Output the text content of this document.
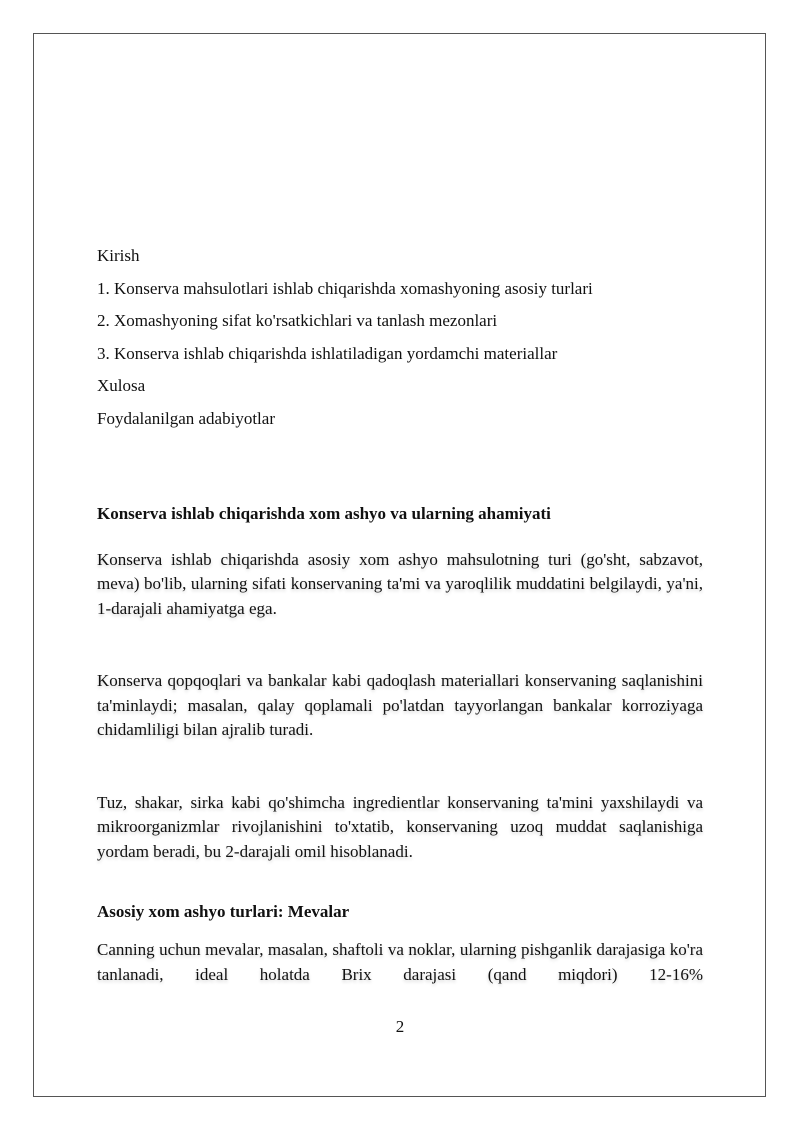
Kirish
1. Konserva mahsulotlari ishlab chiqarishda xomashyoning asosiy turlari
2. Xomashyoning sifat ko'rsatkichlari va tanlash mezonlari
3. Konserva ishlab chiqarishda ishlatiladigan yordamchi materiallar
Xulosa
Foydalanilgan adabiyotlar
Konserva ishlab chiqarishda xom ashyo va ularning ahamiyati

Konserva ishlab chiqarishda asosiy xom ashyo mahsulotning turi (go'sht, sabzavot, meva) bo'lib, ularning sifati konservaning ta'mi va yaroqlilik muddatini belgilaydi, ya'ni, 1-darajali ahamiyatga ega.

Konserva qopqoqlari va bankalar kabi qadoqlash materiallari konservaning saqlanishini ta'minlaydi; masalan, qalay qoplamali po'latdan tayyorlangan bankalar korroziyaga chidamliligi bilan ajralib turadi.

Tuz, shakar, sirka kabi qo'shimcha ingredientlar konservaning ta'mini yaxshilaydi va mikroorganizmlar rivojlanishini to'xtatib, konservaning uzoq muddat saqlanishiga yordam beradi, bu 2-darajali omil hisoblanadi.

Asosiy xom ashyo turlari: Mevalar

Canning uchun mevalar, masalan, shaftoli va noklar, ularning pishganlik darajasiga ko'ra tanlanadi, ideal holatda Brix darajasi (qand miqdori) 12-16%

2
